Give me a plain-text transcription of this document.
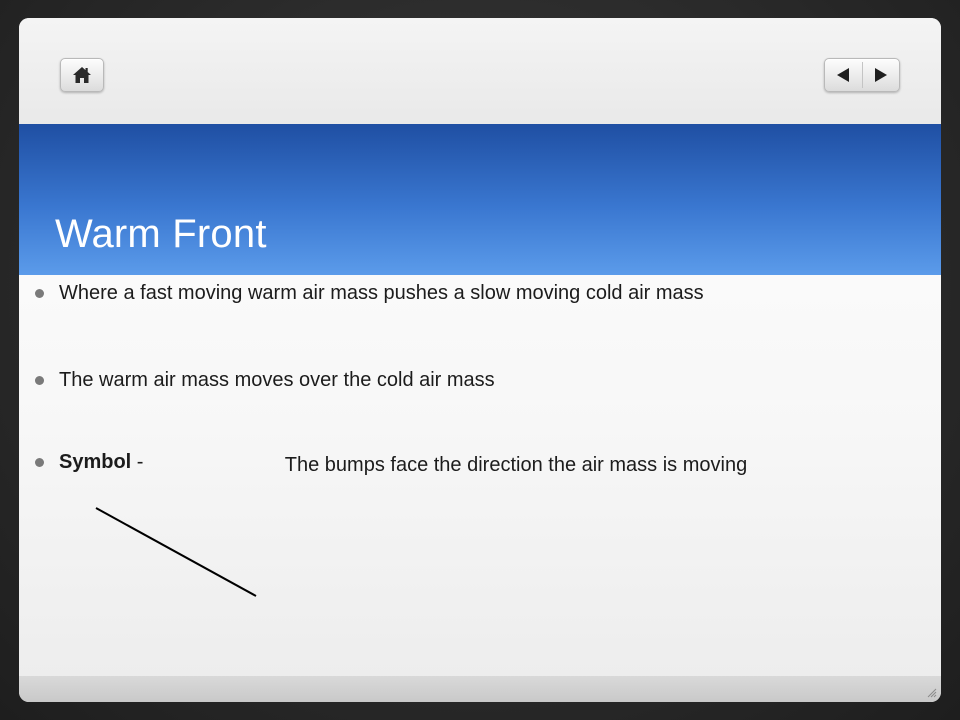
Warm Front
Where a fast moving warm air mass pushes a slow moving cold air mass
The warm air mass moves over the cold air mass
Symbol -	The bumps face the direction the air mass is moving
